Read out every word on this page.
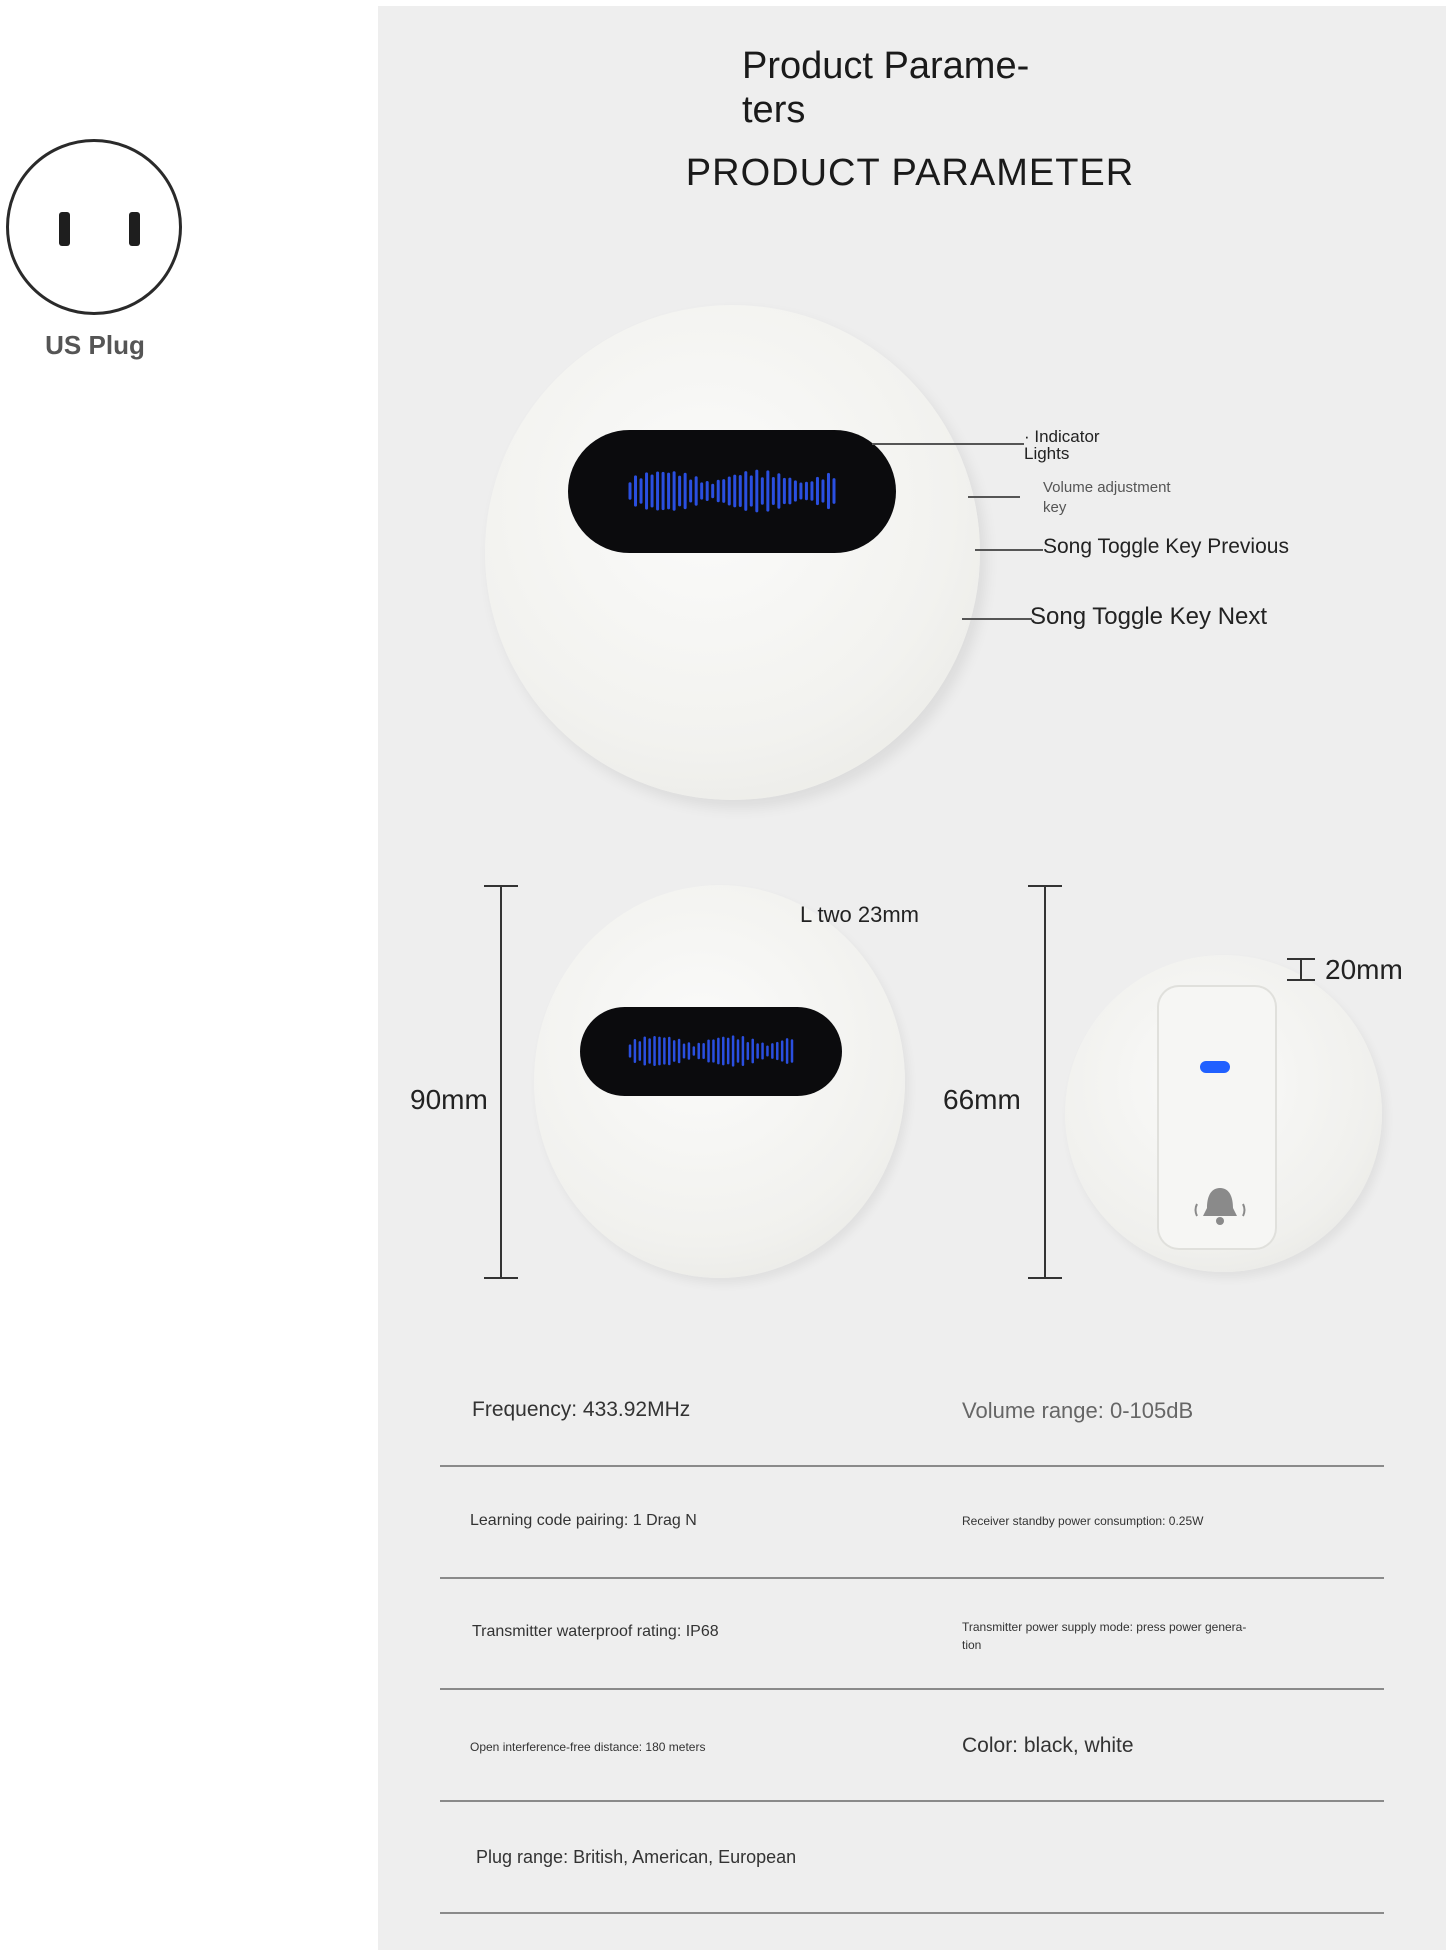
US Plug
Product Parame-
ters
PRODUCT PARAMETER
· Indicator
Lights
Volume adjustment
key
Song Toggle Key Previous
Song Toggle Key Next
90mm
L two 23mm
66mm
20mm
Frequency: 433.92MHz	Volume range: 0-105dB
Learning code pairing: 1 Drag N	Receiver standby power consumption: 0.25W
Transmitter waterproof rating: IP68	Transmitter power supply mode: press power genera-
tion
Open interference-free distance: 180 meters	Color: black, white
Plug range: British, American, European
